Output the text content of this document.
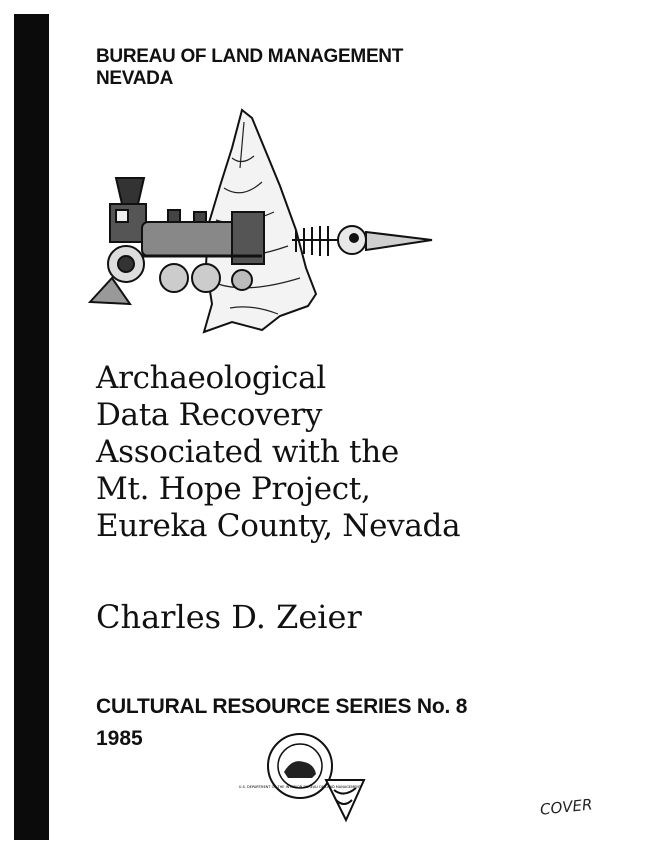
BUREAU OF LAND MANAGEMENT
NEVADA
Archaeological
Data Recovery
Associated with the
Mt. Hope Project,
Eureka County, Nevada
Charles D. Zeier
CULTURAL RESOURCE SERIES No. 8
1985
U.S. DEPARTMENT OF THE INTERIOR BUREAU OF LAND MANAGEMENT
COVER
